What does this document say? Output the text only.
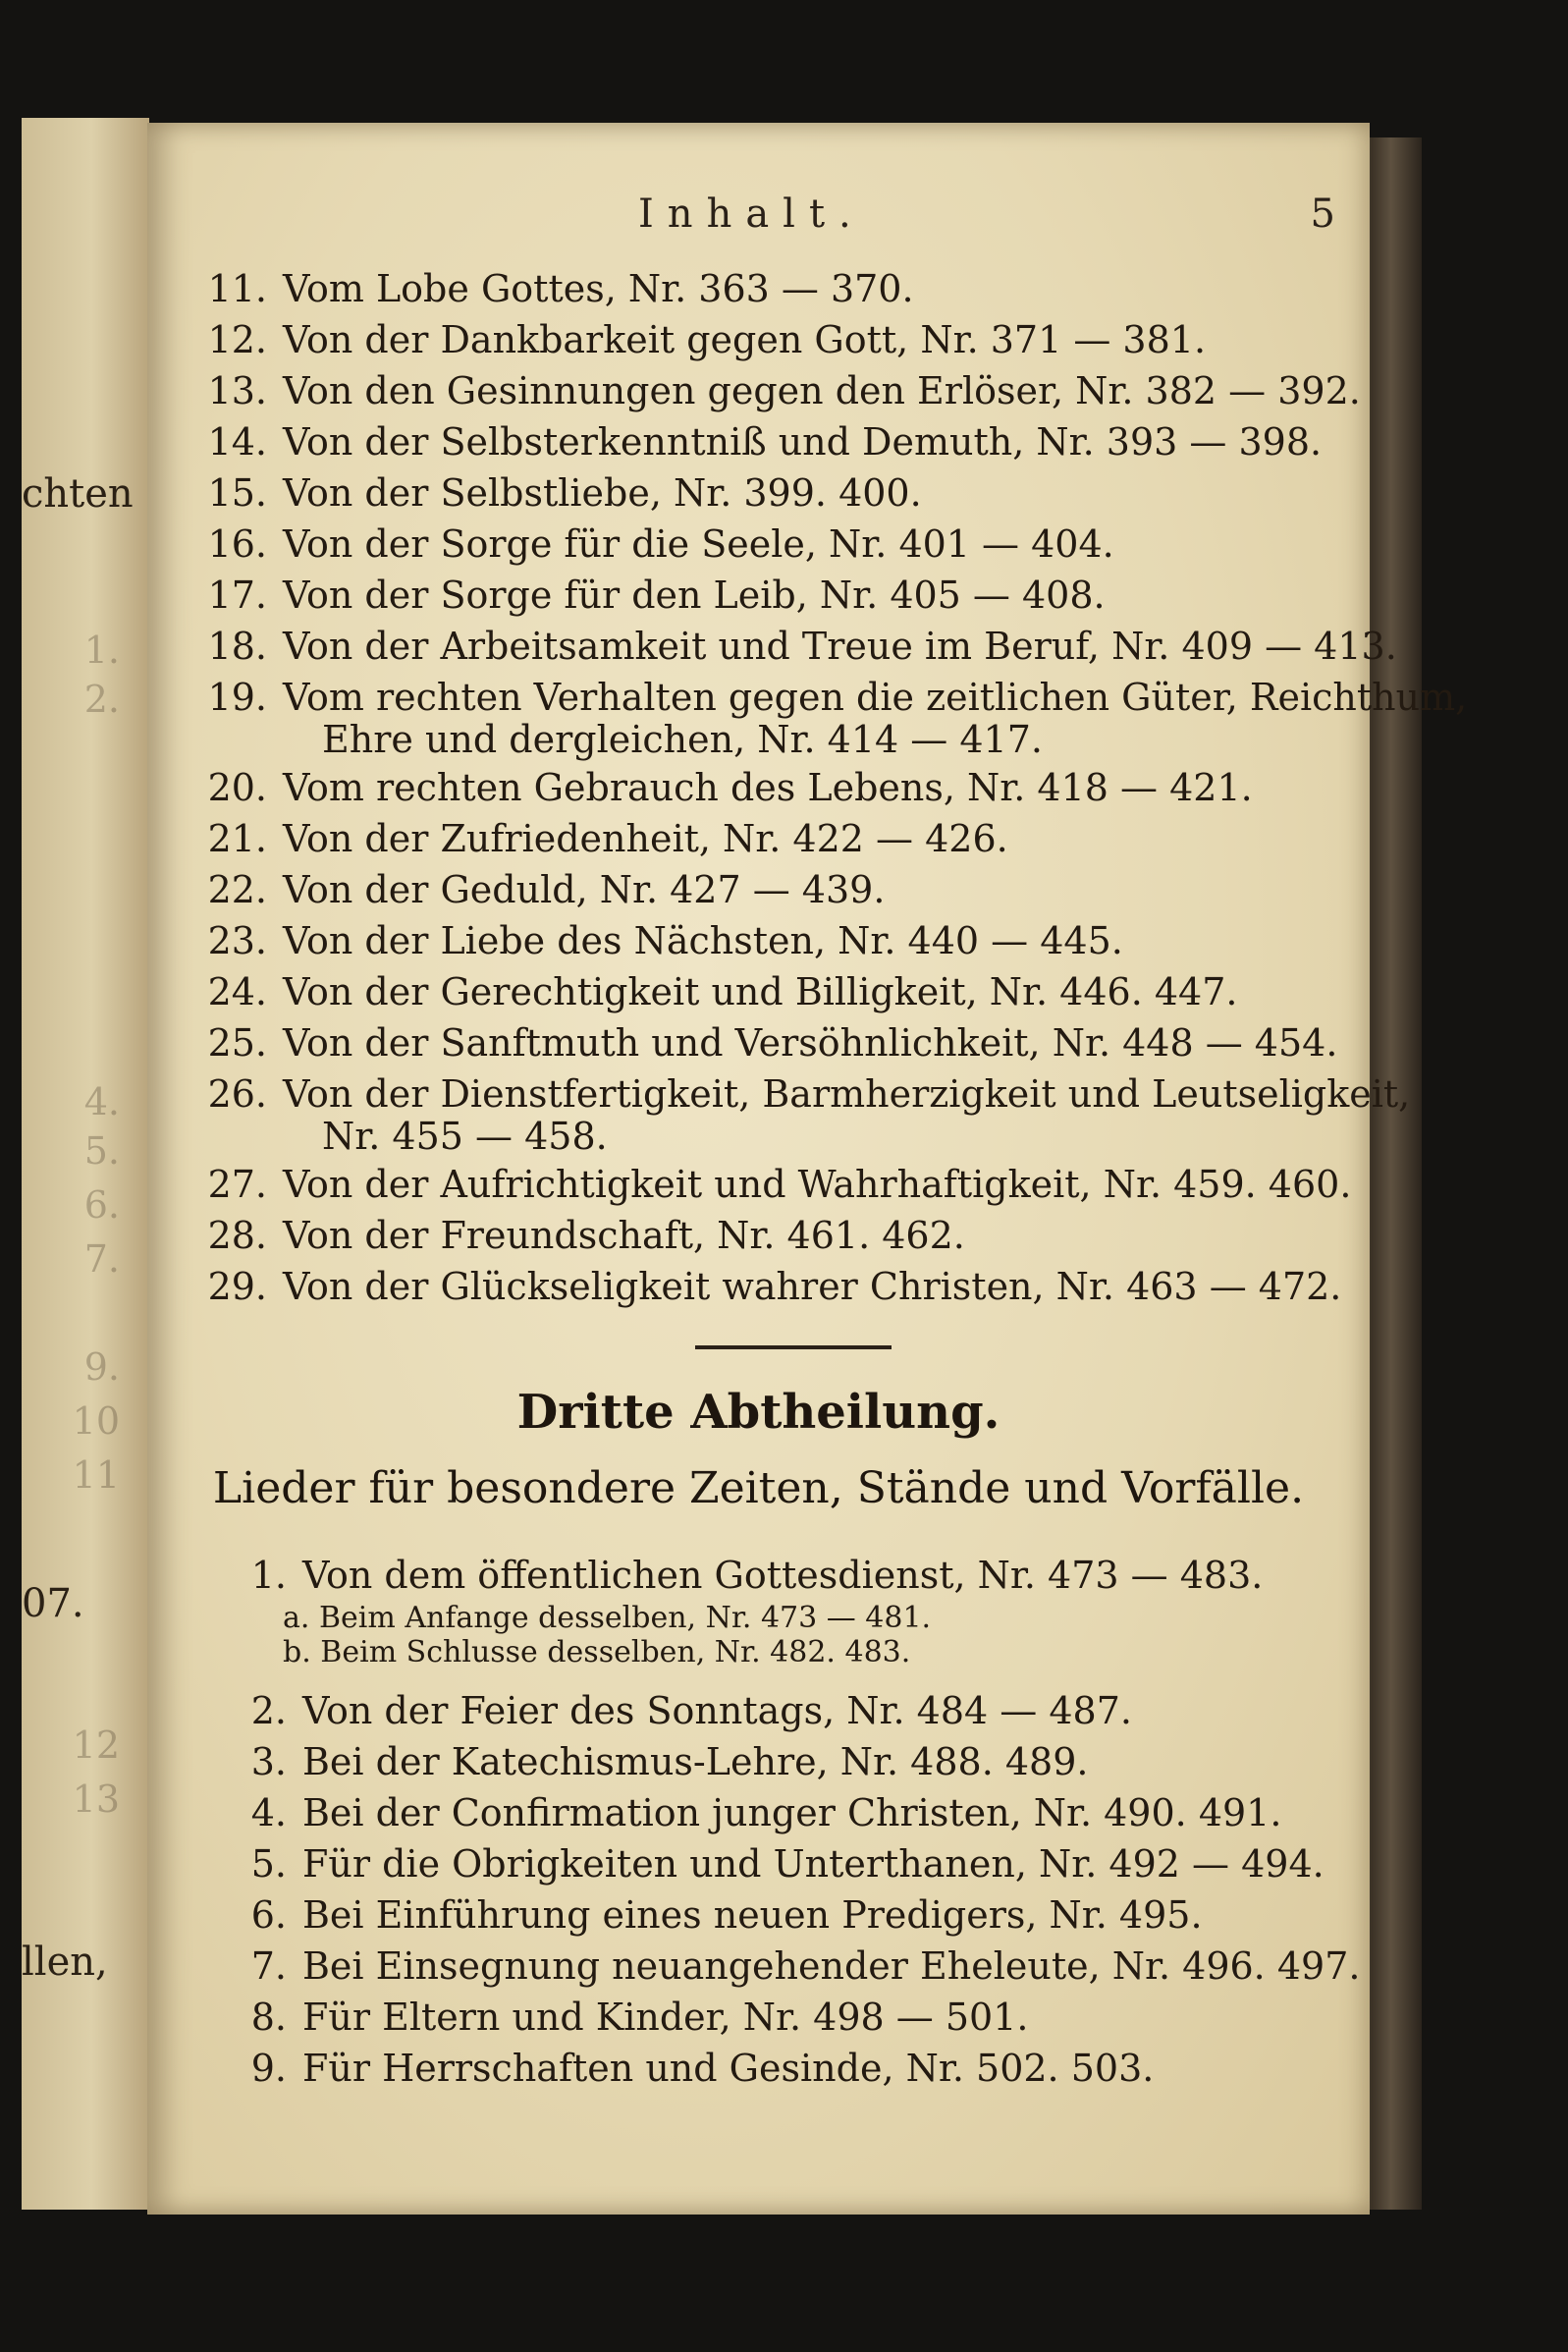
chten
07.
llen,
1.
2.
4.
5.
6.
7.
9.
10
11
12
13
Inhalt.	5
11. Vom Lobe Gottes, Nr. 363 — 370.
12. Von der Dankbarkeit gegen Gott, Nr. 371 — 381.
13. Von den Gesinnungen gegen den Erlöser, Nr. 382 — 392.
14. Von der Selbsterkenntniß und Demuth, Nr. 393 — 398.
15. Von der Selbstliebe, Nr. 399. 400.
16. Von der Sorge für die Seele, Nr. 401 — 404.
17. Von der Sorge für den Leib, Nr. 405 — 408.
18. Von der Arbeitsamkeit und Treue im Beruf, Nr. 409 — 413.
19. Vom rechten Verhalten gegen die zeitlichen Güter, Reichthum,
Ehre und dergleichen, Nr. 414 — 417.
20. Vom rechten Gebrauch des Lebens, Nr. 418 — 421.
21. Von der Zufriedenheit, Nr. 422 — 426.
22. Von der Geduld, Nr. 427 — 439.
23. Von der Liebe des Nächsten, Nr. 440 — 445.
24. Von der Gerechtigkeit und Billigkeit, Nr. 446. 447.
25. Von der Sanftmuth und Versöhnlichkeit, Nr. 448 — 454.
26. Von der Dienstfertigkeit, Barmherzigkeit und Leutseligkeit,
Nr. 455 — 458.
27. Von der Aufrichtigkeit und Wahrhaftigkeit, Nr. 459. 460.
28. Von der Freundschaft, Nr. 461. 462.
29. Von der Glückseligkeit wahrer Christen, Nr. 463 — 472.
Dritte Abtheilung.
Lieder für besondere Zeiten, Stände und Vorfälle.
1. Von dem öffentlichen Gottesdienst, Nr. 473 — 483.
a. Beim Anfange desselben, Nr. 473 — 481.
b. Beim Schlusse desselben, Nr. 482. 483.
2. Von der Feier des Sonntags, Nr. 484 — 487.
3. Bei der Katechismus-Lehre, Nr. 488. 489.
4. Bei der Confirmation junger Christen, Nr. 490. 491.
5. Für die Obrigkeiten und Unterthanen, Nr. 492 — 494.
6. Bei Einführung eines neuen Predigers, Nr. 495.
7. Bei Einsegnung neuangehender Eheleute, Nr. 496. 497.
8. Für Eltern und Kinder, Nr. 498 — 501.
9. Für Herrschaften und Gesinde, Nr. 502. 503.
